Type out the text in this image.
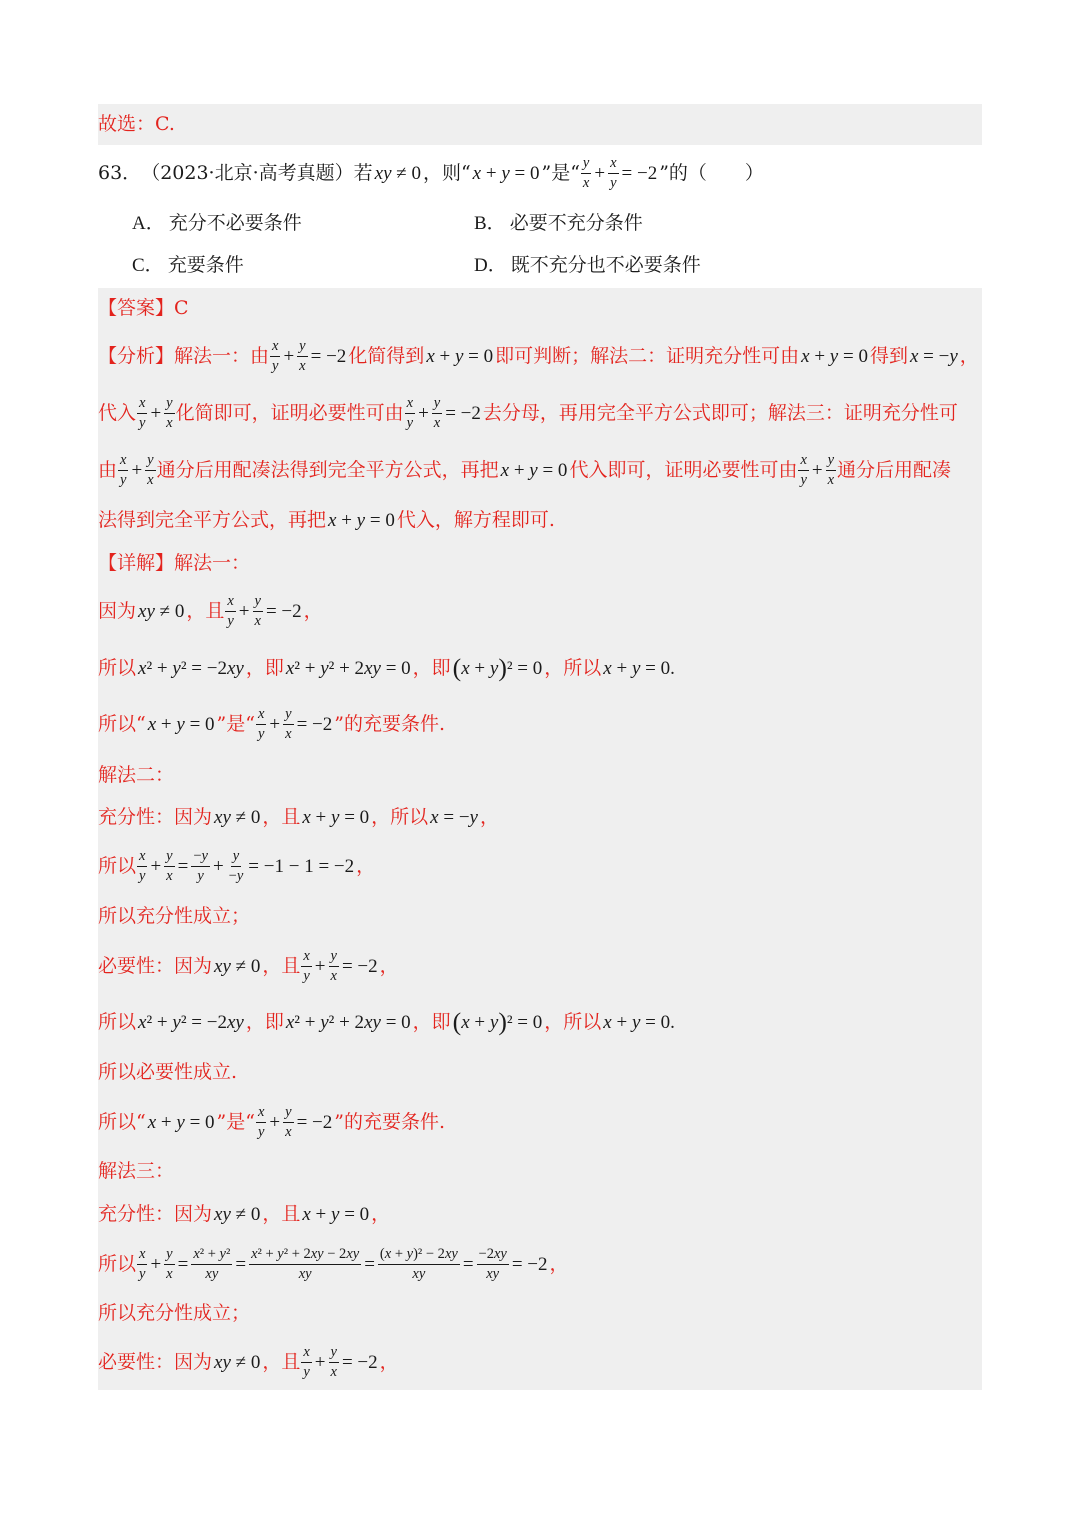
故选：C.
63． （2023·北京·高考真题） 若 xy ≠ 0 ，则“ x + y = 0 ”是“ $\frac{y}{x} + \frac{x}{y} = -2$ ”的（　　）
A． 充分不必要条件	B． 必要不充分条件
C． 充要条件	D． 既不充分也不必要条件
【答案】C
【分析】解法一：由 $\frac{x}{y} + \frac{y}{x} = -2$ 化简得到 x + y = 0 即可判断；解法二：证明充分性可由 x + y = 0 得到 x = −y ，
代入 $\frac{x}{y} + \frac{y}{x}$ 化简即可，证明必要性可由 $\frac{x}{y} + \frac{y}{x} = -2$ 去分母，再用完全平方公式即可；解法三：证明充分性可
由 $\frac{x}{y} + \frac{y}{x}$ 通分后用配凑法得到完全平方公式，再把 x + y = 0 代入即可，证明必要性可由 $\frac{x}{y} + \frac{y}{x}$ 通分后用配凑
法得到完全平方公式，再把 x + y = 0 代入，解方程即可.
【详解】解法一：
因为 xy ≠ 0 ，且 $\frac{x}{y} + \frac{y}{x} = -2$ ，
所以 x² + y² = −2xy ，即 x² + y² + 2xy = 0 ，即 (x + y)² = 0 ，所以 x + y = 0.
所以“ x + y = 0 ”是“ $\frac{x}{y} + \frac{y}{x} = -2$ ”的充要条件.
解法二：
充分性：因为 xy ≠ 0 ，且 x + y = 0 ，所以 x = −y ，
所以 $\frac{x}{y} + \frac{y}{x} = \frac{-y}{y} + \frac{y}{-y} = -1 - 1 = -2$ ，
所以充分性成立；
必要性：因为 xy ≠ 0 ，且 $\frac{x}{y} + \frac{y}{x} = -2$ ，
所以 x² + y² = −2xy ，即 x² + y² + 2xy = 0 ，即 (x + y)² = 0 ，所以 x + y = 0.
所以必要性成立.
所以“ x + y = 0 ”是“ $\frac{x}{y} + \frac{y}{x} = -2$ ”的充要条件.
解法三：
充分性：因为 xy ≠ 0 ，且 x + y = 0 ，
所以 $\frac{x}{y} + \frac{y}{x} = \frac{\text{x² + y²}}{xy} = \frac{\text{x² + y² + 2xy − 2xy}}{xy} = \frac{\text{(x + y)² − 2xy}}{xy} = \frac{-2xy}{xy} = -2$ ，
所以充分性成立；
必要性：因为 xy ≠ 0 ，且 $\frac{x}{y} + \frac{y}{x} = -2$ ，
